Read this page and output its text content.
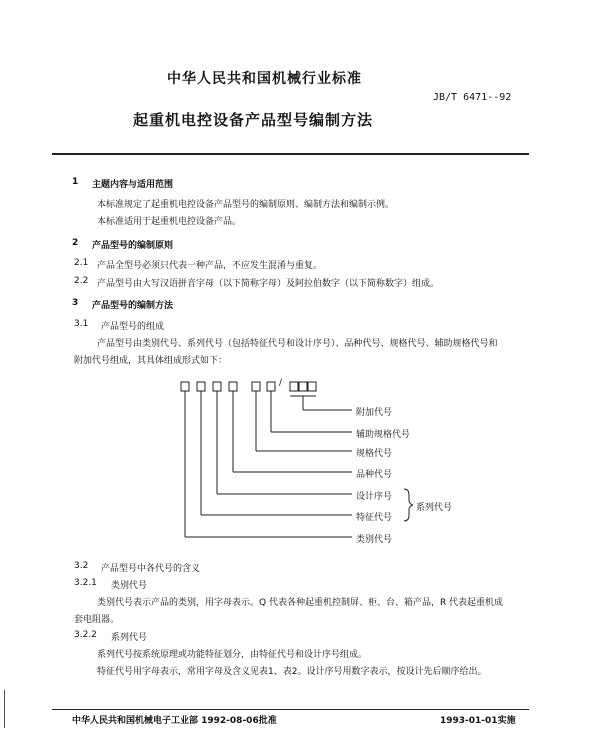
中华人民共和国机械行业标准
JB/T 6471--92
起重机电控设备产品型号编制方法
1 主题内容与适用范围
本标准规定了起重机电控设备产品型号的编制原则、编制方法和编制示例。
本标准适用于起重机电控设备产品。
2 产品型号的编制原则
2.1 产品全型号必须只代表一种产品，不应发生混淆与重复。
2.2 产品型号由大写汉语拼音字母（以下简称字母）及阿拉伯数字（以下简称数字）组成。
3 产品型号的编制方法
3.1 产品型号的组成
产品型号由类别代号、系列代号（包括特征代号和设计序号）、品种代号、规格代号、辅助规格代号和
附加代号组成，其具体组成形式如下：
/
附加代号
辅助规格代号
规格代号
品种代号
设计序号
特征代号
系列代号
类别代号
3.2 产品型号中各代号的含义
3.2.1 类别代号
类别代号表示产品的类别，用字母表示。Q 代表各种起重机控制屏、柜、台、箱产品，R 代表起重机成
套电阻器。
3.2.2 系列代号
系列代号按系统原理或功能特征划分，由特征代号和设计序号组成。
特征代号用字母表示，常用字母及含义见表1、表2。设计序号用数字表示，按设计先后顺序给出。
中华人民共和国机械电子工业部 1992-08-06批准	1993-01-01实施
